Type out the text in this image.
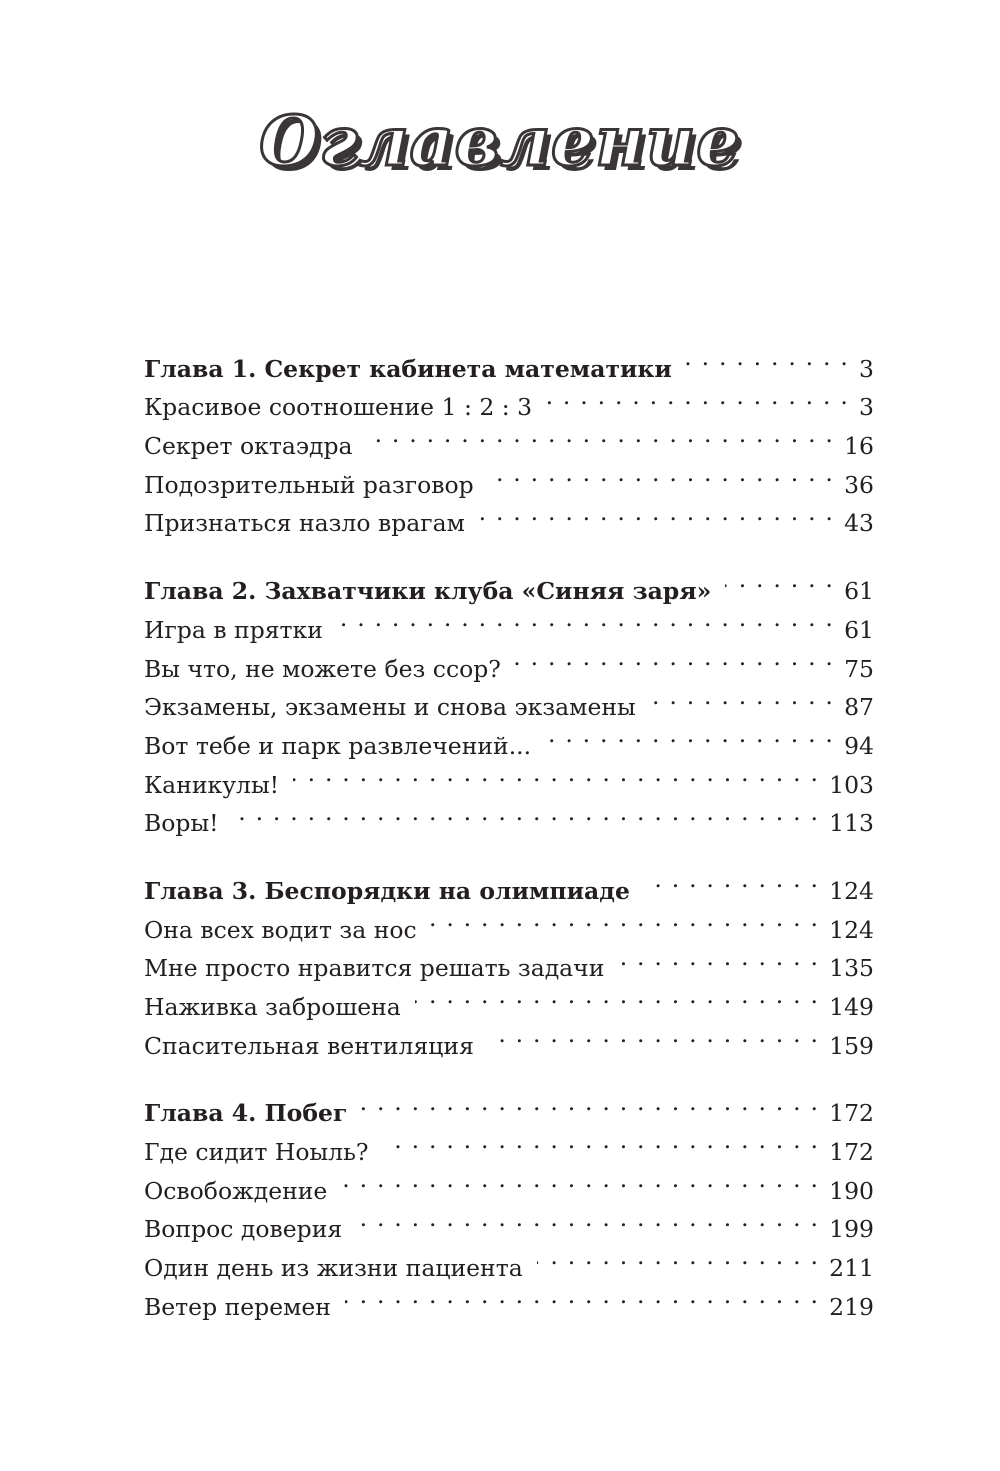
Оглавление
Глава 1. Секрет кабинета математики . . .	3
Красивое соотношение 1 : 2 : 3 . . .	3
Секрет октаэдра . . .	16
Подозрительный разговор . . .	36
Признаться назло врагам . . .	43
Глава 2. Захватчики клуба «Синяя заря» . . .	61
Игра в прятки . . .	61
Вы что, не можете без ссор? . . .	75
Экзамены, экзамены и снова экзамены . . .	87
Вот тебе и парк развлечений... . . .	94
Каникулы! . . .	103
Воры! . . .	113
Глава 3. Беспорядки на олимпиаде . . .	124
Она всех водит за нос . . .	124
Мне просто нравится решать задачи . . .	135
Наживка заброшена . . .	149
Спасительная вентиляция . . .	159
Глава 4. Побег . . .	172
Где сидит Ноыль? . . .	172
Освобождение . . .	190
Вопрос доверия . . .	199
Один день из жизни пациента . . .	211
Ветер перемен . . .	219
